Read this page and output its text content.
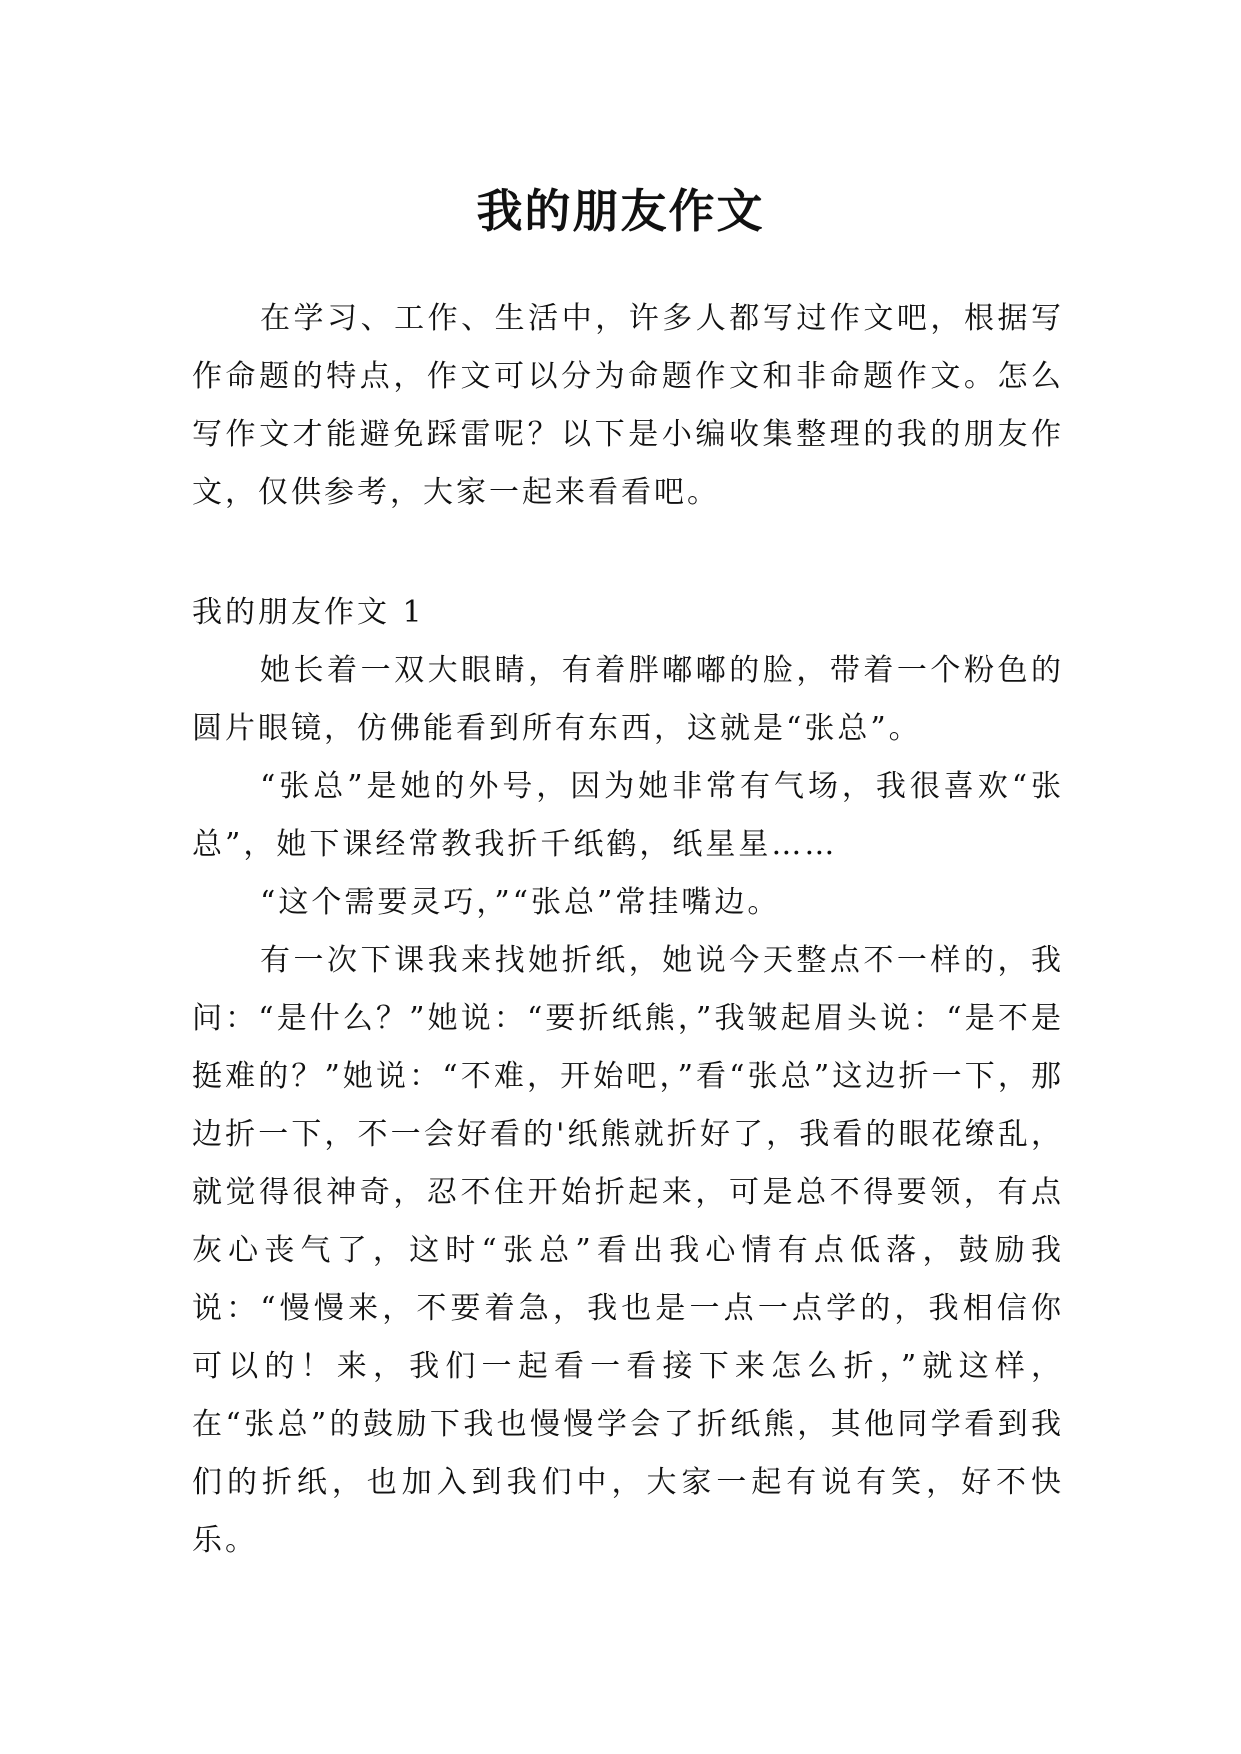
我的朋友作文

在学习、工作、生活中，许多人都写过作文吧，根据写作命题的特点，作文可以分为命题作文和非命题作文。怎么写作文才能避免踩雷呢？以下是小编收集整理的我的朋友作文，仅供参考，大家一起来看看吧。

我的朋友作文 1

她长着一双大眼睛，有着胖嘟嘟的脸，带着一个粉色的圆片眼镜，仿佛能看到所有东西，这就是“张总”。

“张总”是她的外号，因为她非常有气场，我很喜欢“张总”，她下课经常教我折千纸鹤，纸星星……

“这个需要灵巧，”“张总”常挂嘴边。

有一次下课我来找她折纸，她说今天整点不一样的，我问：“是什么？”她说：“要折纸熊，”我皱起眉头说：“是不是挺难的？”她说：“不难，开始吧，”看“张总”这边折一下，那边折一下，不一会好看的'纸熊就折好了，我看的眼花缭乱，就觉得很神奇，忍不住开始折起来，可是总不得要领，有点灰心丧气了，这时“张总”看出我心情有点低落，鼓励我说：“慢慢来，不要着急，我也是一点一点学的，我相信你可以的！来，我们一起看一看接下来怎么折，”就这样，在“张总”的鼓励下我也慢慢学会了折纸熊，其他同学看到我们的折纸，也加入到我们中，大家一起有说有笑，好不快乐。
